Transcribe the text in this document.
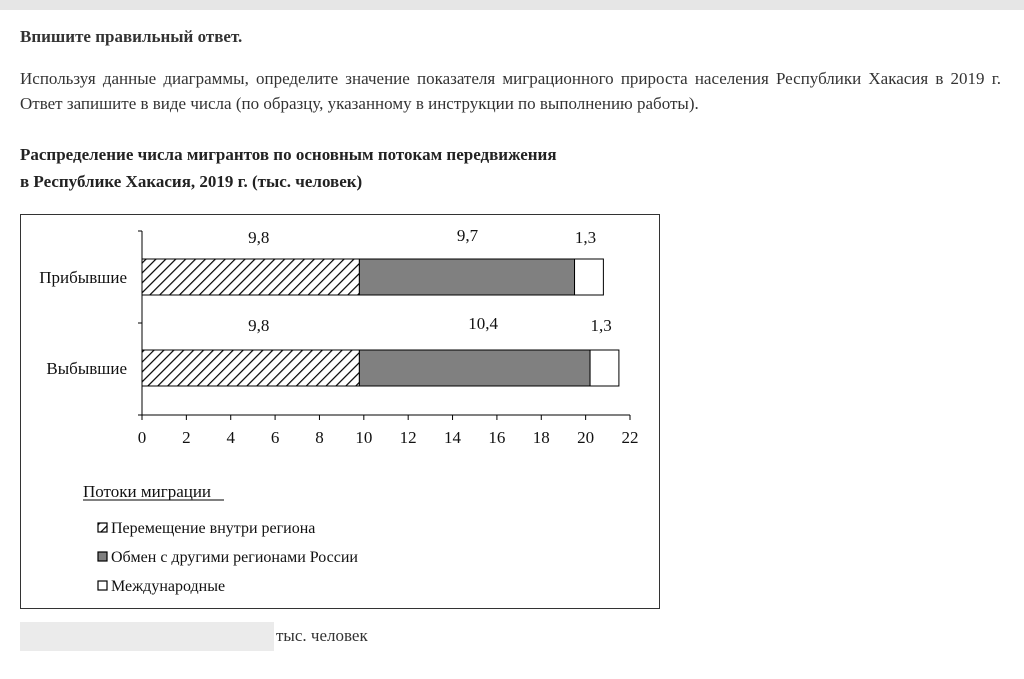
Впишите правильный ответ.

Используя данные диаграммы, определите значение показателя миграционного прироста населения Республики Хакасия в 2019 г. Ответ запишите в виде числа (по образцу, указанному в инструкции по выполнению работы).

Распределение числа мигрантов по основным потокам передвижения
в Республике Хакасия, 2019 г. (тыс. человек)
0 2 4 6 8 10 12 14 16 18 20 22
Прибывшие
9,8	9,7	1,3
Выбывшие
9,8	10,4	1,3
Потоки миграции
Перемещение внутри региона
Обмен с другими регионами России
Международные
тыс. человек
